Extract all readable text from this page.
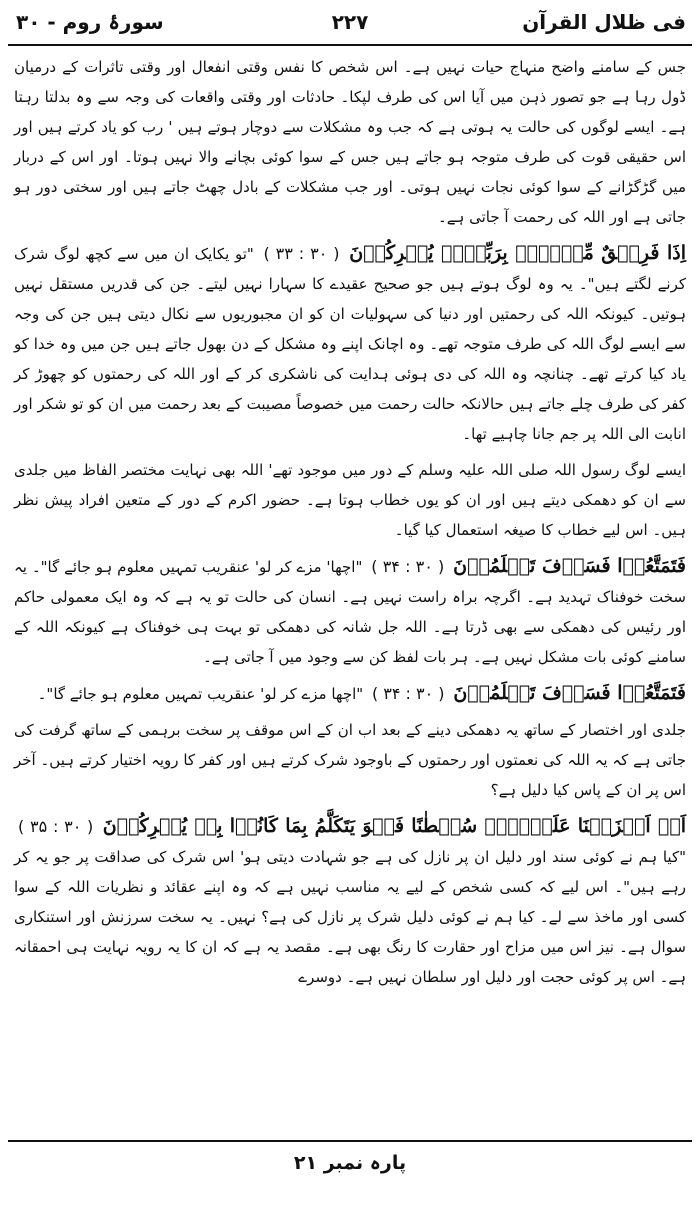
فی ظلال القرآن
۲۲۷
سورۂ روم - ۳۰

جس کے سامنے واضح منہاج حیات نہیں ہے۔ اس شخص کا نفس وقتی انفعال اور وقتی تاثرات کے درمیان ڈول رہا ہے جو تصور ذہن میں آیا اس کی طرف لپکا۔ حادثات اور وقتی واقعات کی وجہ سے وہ بدلتا رہتا ہے۔ ایسے لوگوں کی حالت یہ ہوتی ہے کہ جب وہ مشکلات سے دوچار ہوتے ہیں ' رب کو یاد کرتے ہیں اور اس حقیقی قوت کی طرف متوجہ ہو جاتے ہیں جس کے سوا کوئی بچانے والا نہیں ہوتا۔ اور اس کے دربار میں گڑگڑانے کے سوا کوئی نجات نہیں ہوتی۔ اور جب مشکلات کے بادل چھٹ جاتے ہیں اور سختی دور ہو جاتی ہے اور اللہ کی رحمت آ جاتی ہے۔

اِذَا فَرِیۡقٌ مِّنۡہُمۡ بِرَبِّہِمۡ یُشۡرِکُوۡنَ ( ۳۰ : ۳۳ ) "تو یکایک ان میں سے کچھ لوگ شرک کرنے لگتے ہیں"۔ یہ وہ لوگ ہوتے ہیں جو صحیح عقیدے کا سہارا نہیں لیتے۔ جن کی قدریں مستقل نہیں ہوتیں۔ کیونکہ اللہ کی رحمتیں اور دنیا کی سہولیات ان کو ان مجبوریوں سے نکال دیتی ہیں جن کی وجہ سے ایسے لوگ اللہ کی طرف متوجہ تھے۔ وہ اچانک اپنے وہ مشکل کے دن بھول جاتے ہیں جن میں وہ خدا کو یاد کیا کرتے تھے۔ چنانچہ وہ اللہ کی دی ہوئی ہدایت کی ناشکری کر کے اور اللہ کی رحمتوں کو چھوڑ کر کفر کی طرف چلے جاتے ہیں حالانکہ حالت رحمت میں خصوصاً مصیبت کے بعد رحمت میں ان کو تو شکر اور انابت الی اللہ پر جم جانا چاہیے تھا۔

ایسے لوگ رسول اللہ صلی اللہ علیہ وسلم کے دور میں موجود تھے' اللہ بھی نہایت مختصر الفاظ میں جلدی سے ان کو دھمکی دیتے ہیں اور ان کو یوں خطاب ہوتا ہے۔ حضور اکرم کے دور کے متعین افراد پیش نظر ہیں۔ اس لیے خطاب کا صیغہ استعمال کیا گیا۔

فَتَمَتَّعُوۡا فَسَوۡفَ تَعۡلَمُوۡنَ ( ۳۰ : ۳۴ ) "اچھا' مزے کر لو' عنقریب تمہیں معلوم ہو جائے گا"۔ یہ سخت خوفناک تہدید ہے۔ اگرچہ براہ راست نہیں ہے۔ انسان کی حالت تو یہ ہے کہ وہ ایک معمولی حاکم اور رئیس کی دھمکی سے بھی ڈرتا ہے۔ اللہ جل شانہ کی دھمکی تو بہت ہی خوفناک ہے کیونکہ اللہ کے سامنے کوئی بات مشکل نہیں ہے۔ ہر بات لفظ کن سے وجود میں آ جاتی ہے۔

فَتَمَتَّعُوۡا فَسَوۡفَ تَعۡلَمُوۡنَ ( ۳۰ : ۳۴ ) "اچھا مزے کر لو' عنقریب تمہیں معلوم ہو جائے گا"۔

جلدی اور اختصار کے ساتھ یہ دھمکی دینے کے بعد اب ان کے اس موقف پر سخت برہمی کے ساتھ گرفت کی جاتی ہے کہ یہ اللہ کی نعمتوں اور رحمتوں کے باوجود شرک کرتے ہیں اور کفر کا رویہ اختیار کرتے ہیں۔ آخر اس پر ان کے پاس کیا دلیل ہے؟

اَمۡ اَنۡزَلۡنَا عَلَیۡہِمۡ سُلۡطٰنًا فَہُوَ یَتَکَلَّمُ بِمَا کَانُوۡا بِہٖ یُشۡرِکُوۡنَ ( ۳۰ : ۳۵ ) "کیا ہم نے کوئی سند اور دلیل ان پر نازل کی ہے جو شہادت دیتی ہو' اس شرک کی صداقت پر جو یہ کر رہے ہیں"۔ اس لیے کہ کسی شخص کے لیے یہ مناسب نہیں ہے کہ وہ اپنے عقائد و نظریات اللہ کے سوا کسی اور ماخذ سے لے۔ کیا ہم نے کوئی دلیل شرک پر نازل کی ہے؟ نہیں۔ یہ سخت سرزنش اور استنکاری سوال ہے۔ نیز اس میں مزاح اور حقارت کا رنگ بھی ہے۔ مقصد یہ ہے کہ ان کا یہ رویہ نہایت ہی احمقانہ ہے۔ اس پر کوئی حجت اور دلیل اور سلطان نہیں ہے۔ دوسرے

پارہ نمبر ۲۱
